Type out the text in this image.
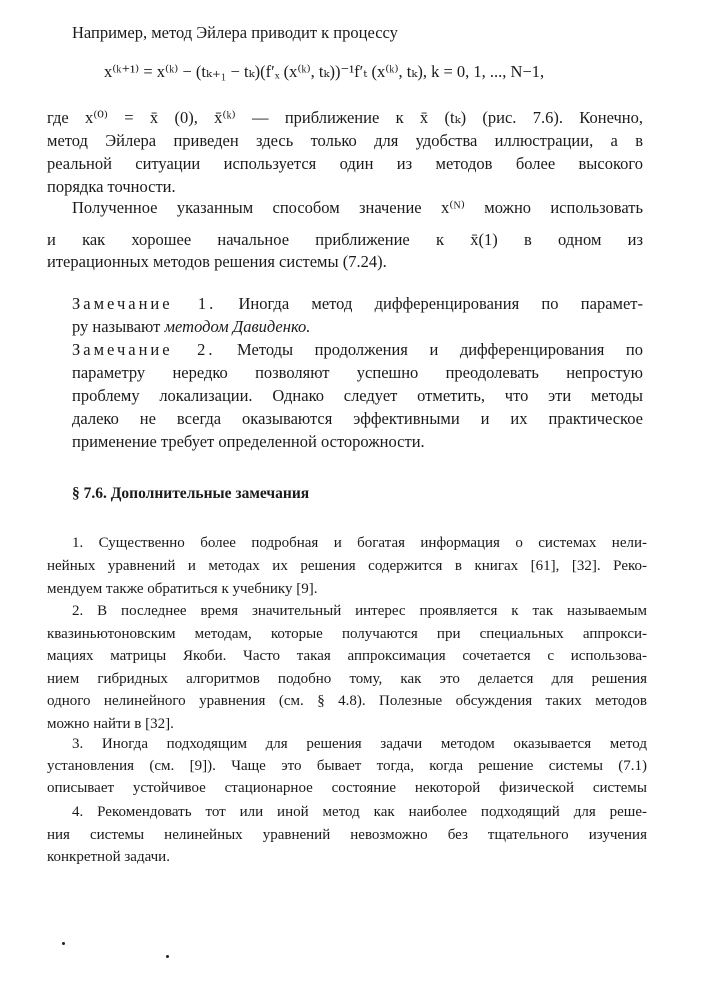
Например, метод Эйлера приводит к процессу
x⁽ᵏ⁺¹⁾ = x⁽ᵏ⁾ − (tₖ₊₁ − tₖ)(f′ₓ (x⁽ᵏ⁾, tₖ))⁻¹f′ₜ (x⁽ᵏ⁾, tₖ), k = 0, 1, ..., N−1,
где x⁽⁰⁾ = x̄ (0), x̄⁽ᵏ⁾ — приближение к x̄ (tₖ) (рис. 7.6). Конечно,
метод Эйлера приведен здесь только для удобства иллюстрации, а в
реальной ситуации используется один из методов более высокого
порядка точности.
Полученное указанным способом значение x⁽ᴺ⁾ можно использовать
и как хорошее начальное приближение к x̄(1) в одном из
итерационных методов решения системы (7.24).
Замечание 1. Иногда метод дифференцирования по парамет-
ру называют методом Давиденко.
Замечание 2. Методы продолжения и дифференцирования по
параметру нередко позволяют успешно преодолевать непростую
проблему локализации. Однако следует отметить, что эти методы
далеко не всегда оказываются эффективными и их практическое
применение требует определенной осторожности.
§ 7.6. Дополнительные замечания
1. Существенно более подробная и богатая информация о системах нели-
нейных уравнений и методах их решения содержится в книгах [61], [32]. Реко-
мендуем также обратиться к учебнику [9].
2. В последнее время значительный интерес проявляется к так называемым
квазиньютоновским методам, которые получаются при специальных аппрокси-
мациях матрицы Якоби. Часто такая аппроксимация сочетается с использова-
нием гибридных алгоритмов подобно тому, как это делается для решения
одного нелинейного уравнения (см. § 4.8). Полезные обсуждения таких методов
можно найти в [32].
3. Иногда подходящим для решения задачи методом оказывается метод
установления (см. [9]). Чаще это бывает тогда, когда решение системы (7.1)
описывает устойчивое стационарное состояние некоторой физической системы
4. Рекомендовать тот или иной метод как наиболее подходящий для реше-
ния системы нелинейных уравнений невозможно без тщательного изучения
конкретной задачи.
